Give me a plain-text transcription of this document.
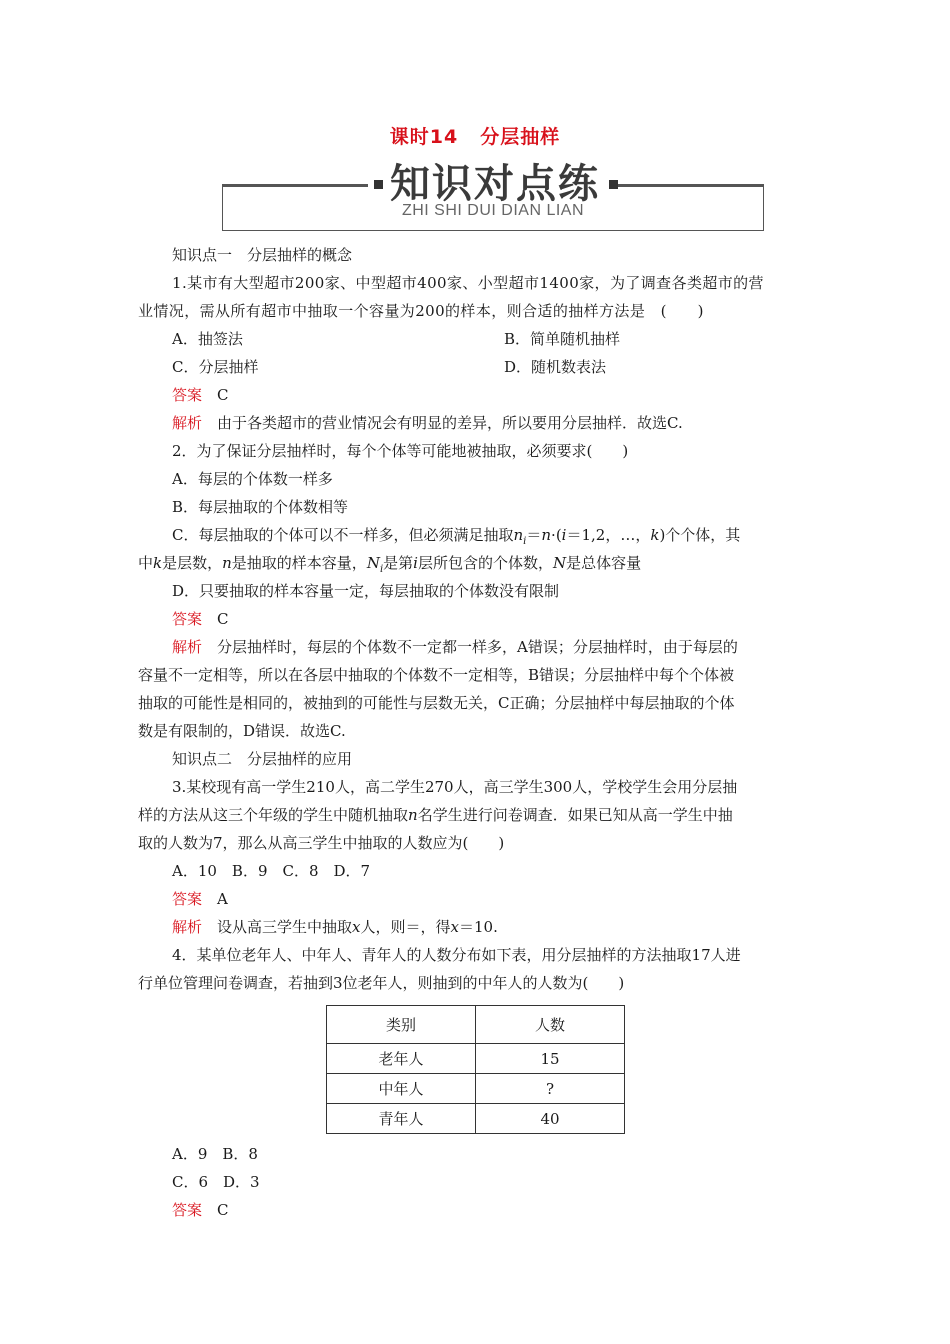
课时14 分层抽样
知识对点练
ZHI SHI DUI DIAN LIAN

知识点一　分层抽样的概念

1.某市有大型超市200家、中型超市400家、小型超市1400家，为了调查各类超市的营

业情况，需从所有超市中抽取一个容量为200的样本，则合适的抽样方法是　(　　)

A．抽签法	B．简单随机抽样
C．分层抽样	D．随机数表法

答案　 C

解析　 由于各类超市的营业情况会有明显的差异，所以要用分层抽样．故选C.

2．为了保证分层抽样时，每个个体等可能地被抽取，必须要求(　　)

A．每层的个体数一样多

B．每层抽取的个体数相等

C．每层抽取的个体可以不一样多，但必须满足抽取$n_i=n\cdot(i=1,2$，…，k)个个体，其

中k是层数，n是抽取的样本容量，$N_i$是第i层所包含的个体数，N是总体容量

D．只要抽取的样本容量一定，每层抽取的个体数没有限制

答案　 C

解析　 分层抽样时，每层的个体数不一定都一样多，A错误；分层抽样时，由于每层的

容量不一定相等，所以在各层中抽取的个体数不一定相等，B错误；分层抽样中每个个体被

抽取的可能性是相同的，被抽到的可能性与层数无关，C正确；分层抽样中每层抽取的个体

数是有限制的，D错误．故选C.

知识点二　分层抽样的应用

3.某校现有高一学生210人，高二学生270人，高三学生300人，学校学生会用分层抽

样的方法从这三个年级的学生中随机抽取n名学生进行问卷调查．如果已知从高一学生中抽

取的人数为7，那么从高三学生中抽取的人数应为(　　)

A．10　B．9　C．8　D．7

答案　 A

解析　 设从高三学生中抽取x人，则＝，得x＝10.

4．某单位老年人、中年人、青年人的人数分布如下表，用分层抽样的方法抽取17人进

行单位管理问卷调查，若抽到3位老年人，则抽到的中年人的人数为(　　)

类别	人数
老年人	15
中年人	?
青年人	40

A．9　B．8

C．6　D．3

答案　 C
